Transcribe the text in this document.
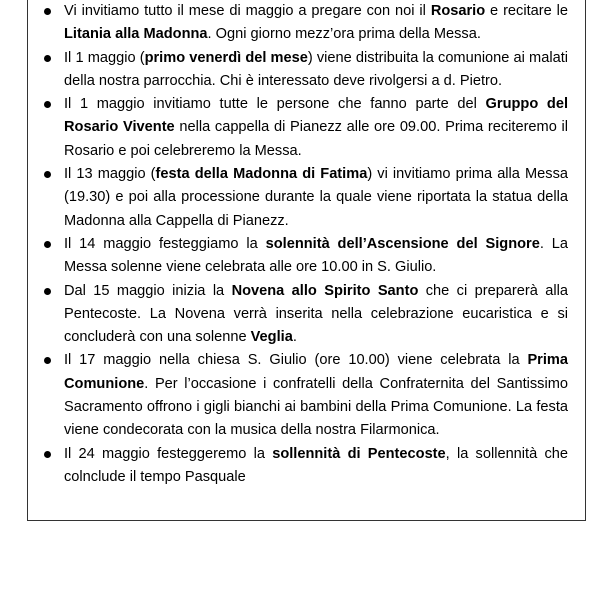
Vi invitiamo tutto il mese di maggio a pregare con noi il Rosario e recitare le Litania alla Madonna. Ogni giorno mezz’ora prima della Messa.
Il 1 maggio (primo venerdì del mese) viene distribuita la comunione ai malati della nostra parrocchia. Chi è interessato deve rivolgersi a d. Pietro.
Il 1 maggio invitiamo tutte le persone che fanno parte del Gruppo del Rosario Vivente nella cappella di Pianezz alle ore 09.00. Prima reciteremo il Rosario e poi celebreremo la Messa.
Il 13 maggio (festa della Madonna di Fatima) vi invitiamo prima alla Messa (19.30) e poi alla processione durante la quale viene riportata la statua della Madonna alla Cappella di Pianezz.
Il 14 maggio festeggiamo la solennità dell’Ascensione del Signore. La Messa solenne viene celebrata alle ore 10.00 in S. Giulio.
Dal 15 maggio inizia la Novena allo Spirito Santo che ci preparerà alla Pentecoste. La Novena verrà inserita nella celebrazione eucaristica e si concluderà con una solenne Veglia.
Il 17 maggio nella chiesa S. Giulio (ore 10.00) viene celebrata la Prima Comunione. Per l’occasione i confratelli della Confraternita del Santissimo Sacramento offrono i gigli bianchi ai bambini della Prima Comunione. La festa viene condecorata con la musica della nostra Filarmonica.
Il 24 maggio festeggeremo la sollennità di Pentecoste, la sollennità che colnclude il tempo Pasquale
